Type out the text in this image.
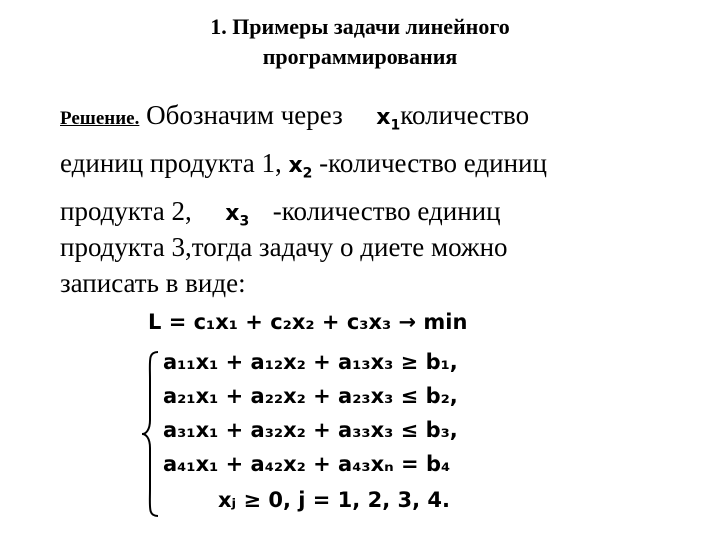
1. Примеры задачи линейного
программирования
Решение. Обозначим через $x_1количество$
единиц продукта 1, $x_2$ -количество единиц
продукта 2, $x_3$ -количество единиц
продукта 3,тогда задачу о диете можно
записать в виде:
L = c₁x₁ + c₂x₂ + c₃x₃ → min
a₁₁x₁ + a₁₂x₂ + a₁₃x₃ ≥ b₁,
a₂₁x₁ + a₂₂x₂ + a₂₃x₃ ≤ b₂,
a₃₁x₁ + a₃₂x₂ + a₃₃x₃ ≤ b₃,
a₄₁x₁ + a₄₂x₂ + a₄₃xₙ = b₄
xⱼ ≥ 0, j = 1, 2, 3, 4.
